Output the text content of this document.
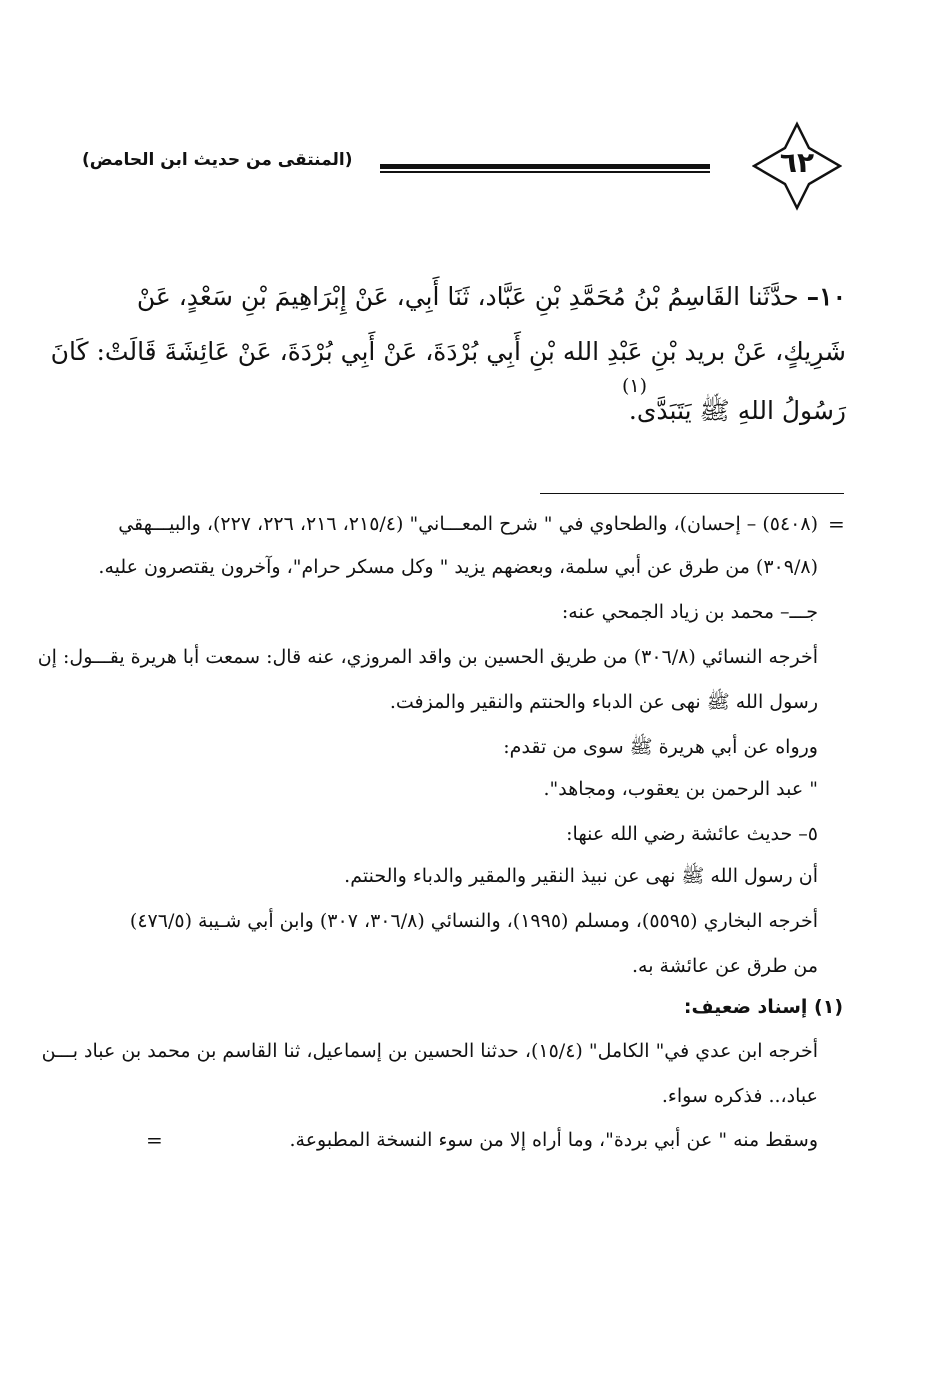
٦٢
(المنتقى من حديث ابن الحامض)
١٠– حدَّثَنا القَاسِمُ بْنُ مُحَمَّدِ بْنِ عَبَّاد، ثَنَا أَبِي، عَنْ إِبْرَاهِيمَ بْنِ سَعْدٍ، عَنْ
شَرِيكٍ، عَنْ بريد بْنِ عَبْدِ الله بْنِ أَبِي بُرْدَةَ، عَنْ أَبِي بُرْدَةَ، عَنْ عَائِشَةَ قَالَتْ: كَانَ
رَسُولُ اللهِ ﷺ يَتَبَدَّى.
(١)
=
(٥٤٠٨) – إحسان)، والطحاوي في " شرح المعـــاني" (٢١٥/٤، ٢١٦، ٢٢٦، ٢٢٧)، والبيـــهقي
(٣٠٩/٨) من طرق عن أبي سلمة، وبعضهم يزيد " وكل مسكر حرام"، وآخرون يقتصرون عليه.
جـــ– محمد بن زياد الجمحي عنه:
أخرجه النسائي (٣٠٦/٨) من طريق الحسين بن واقد المروزي، عنه قال: سمعت أبا هريرة يقـــول: إن
رسول الله ﷺ نهى عن الدباء والحنتم والنقير والمزفت.
ورواه عن أبي هريرة ﷺ سوى من تقدم:
" عبد الرحمن بن يعقوب، ومجاهد".
٥– حديث عائشة رضي الله عنها:
أن رسول الله ﷺ نهى عن نبيذ النقير والمقير والدباء والحنتم.
أخرجه البخاري (٥٥٩٥)، ومسلم (١٩٩٥)، والنسائي (٣٠٦/٨، ٣٠٧) وابن أبي شـيبة (٤٧٦/٥)
من طرق عن عائشة به.
(١) إسناد ضعيف:
أخرجه ابن عدي في" الكامل" (١٥/٤)، حدثنا الحسين بن إسماعيل، ثنا القاسم بن محمد بن عباد بـــن
عباد،.. فذكره سواء.
وسقط منه " عن أبي بردة"، وما أراه إلا من سوء النسخة المطبوعة.
=
